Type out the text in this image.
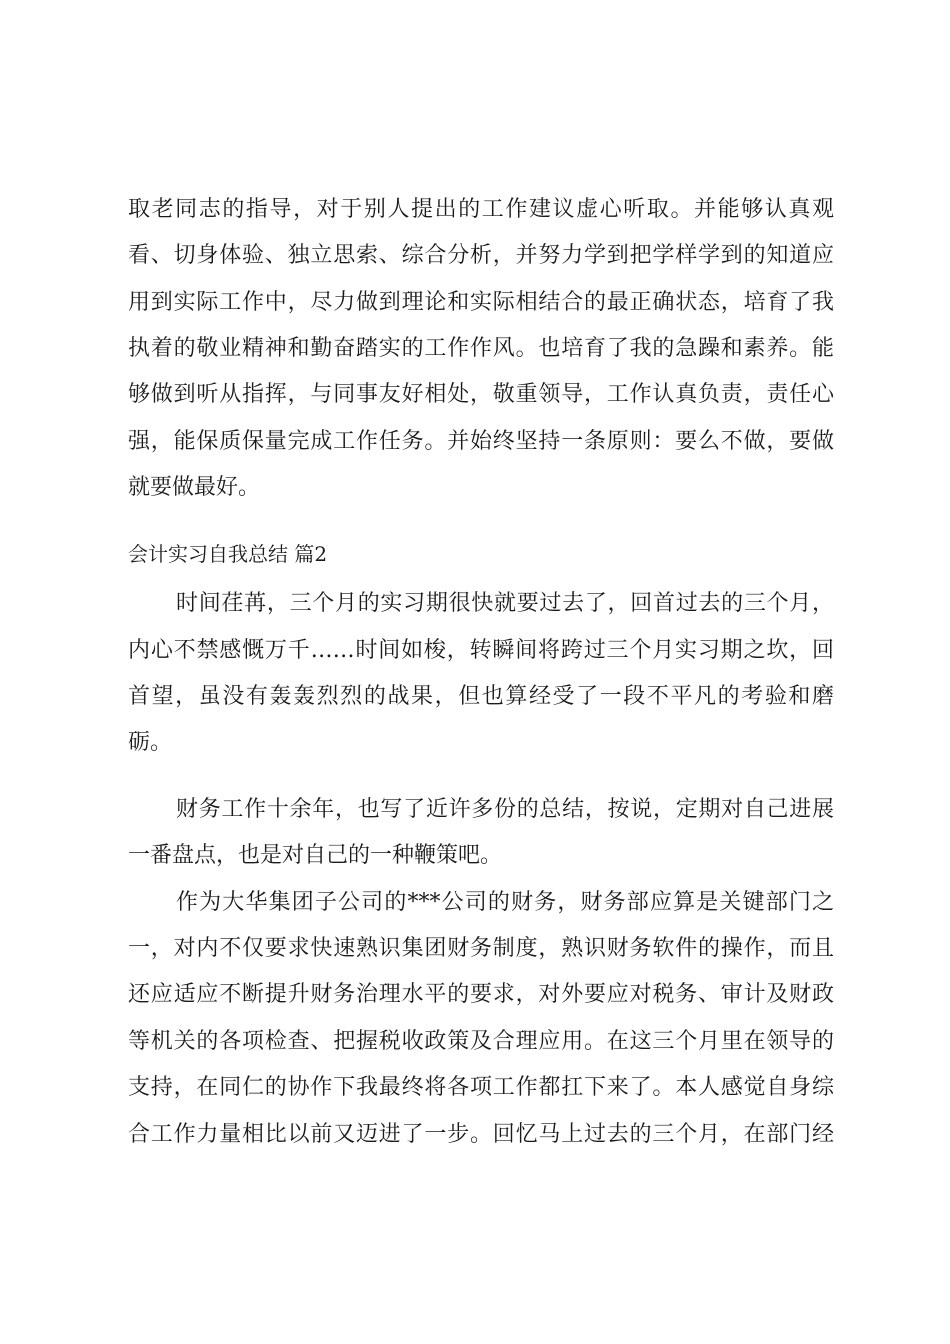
取老同志的指导，对于别人提出的工作建议虚心听取。并能够认真观
看、切身体验、独立思索、综合分析，并努力学到把学样学到的知道应
用到实际工作中，尽力做到理论和实际相结合的最正确状态，培育了我
执着的敬业精神和勤奋踏实的工作作风。也培育了我的急躁和素养。能
够做到听从指挥，与同事友好相处，敬重领导，工作认真负责，责任心
强，能保质保量完成工作任务。并始终坚持一条原则：要么不做，要做
就要做最好。
会计实习自我总结 篇2
时间荏苒，三个月的实习期很快就要过去了，回首过去的三个月，
内心不禁感慨万千……时间如梭，转瞬间将跨过三个月实习期之坎，回
首望，虽没有轰轰烈烈的战果，但也算经受了一段不平凡的考验和磨
砺。
财务工作十余年，也写了近许多份的总结，按说，定期对自己进展
一番盘点，也是对自己的一种鞭策吧。
作为大华集团子公司的***公司的财务，财务部应算是关键部门之
一，对内不仅要求快速熟识集团财务制度，熟识财务软件的操作，而且
还应适应不断提升财务治理水平的要求，对外要应对税务、审计及财政
等机关的各项检查、把握税收政策及合理应用。在这三个月里在领导的
支持，在同仁的协作下我最终将各项工作都扛下来了。本人感觉自身综
合工作力量相比以前又迈进了一步。回忆马上过去的三个月，在部门经
